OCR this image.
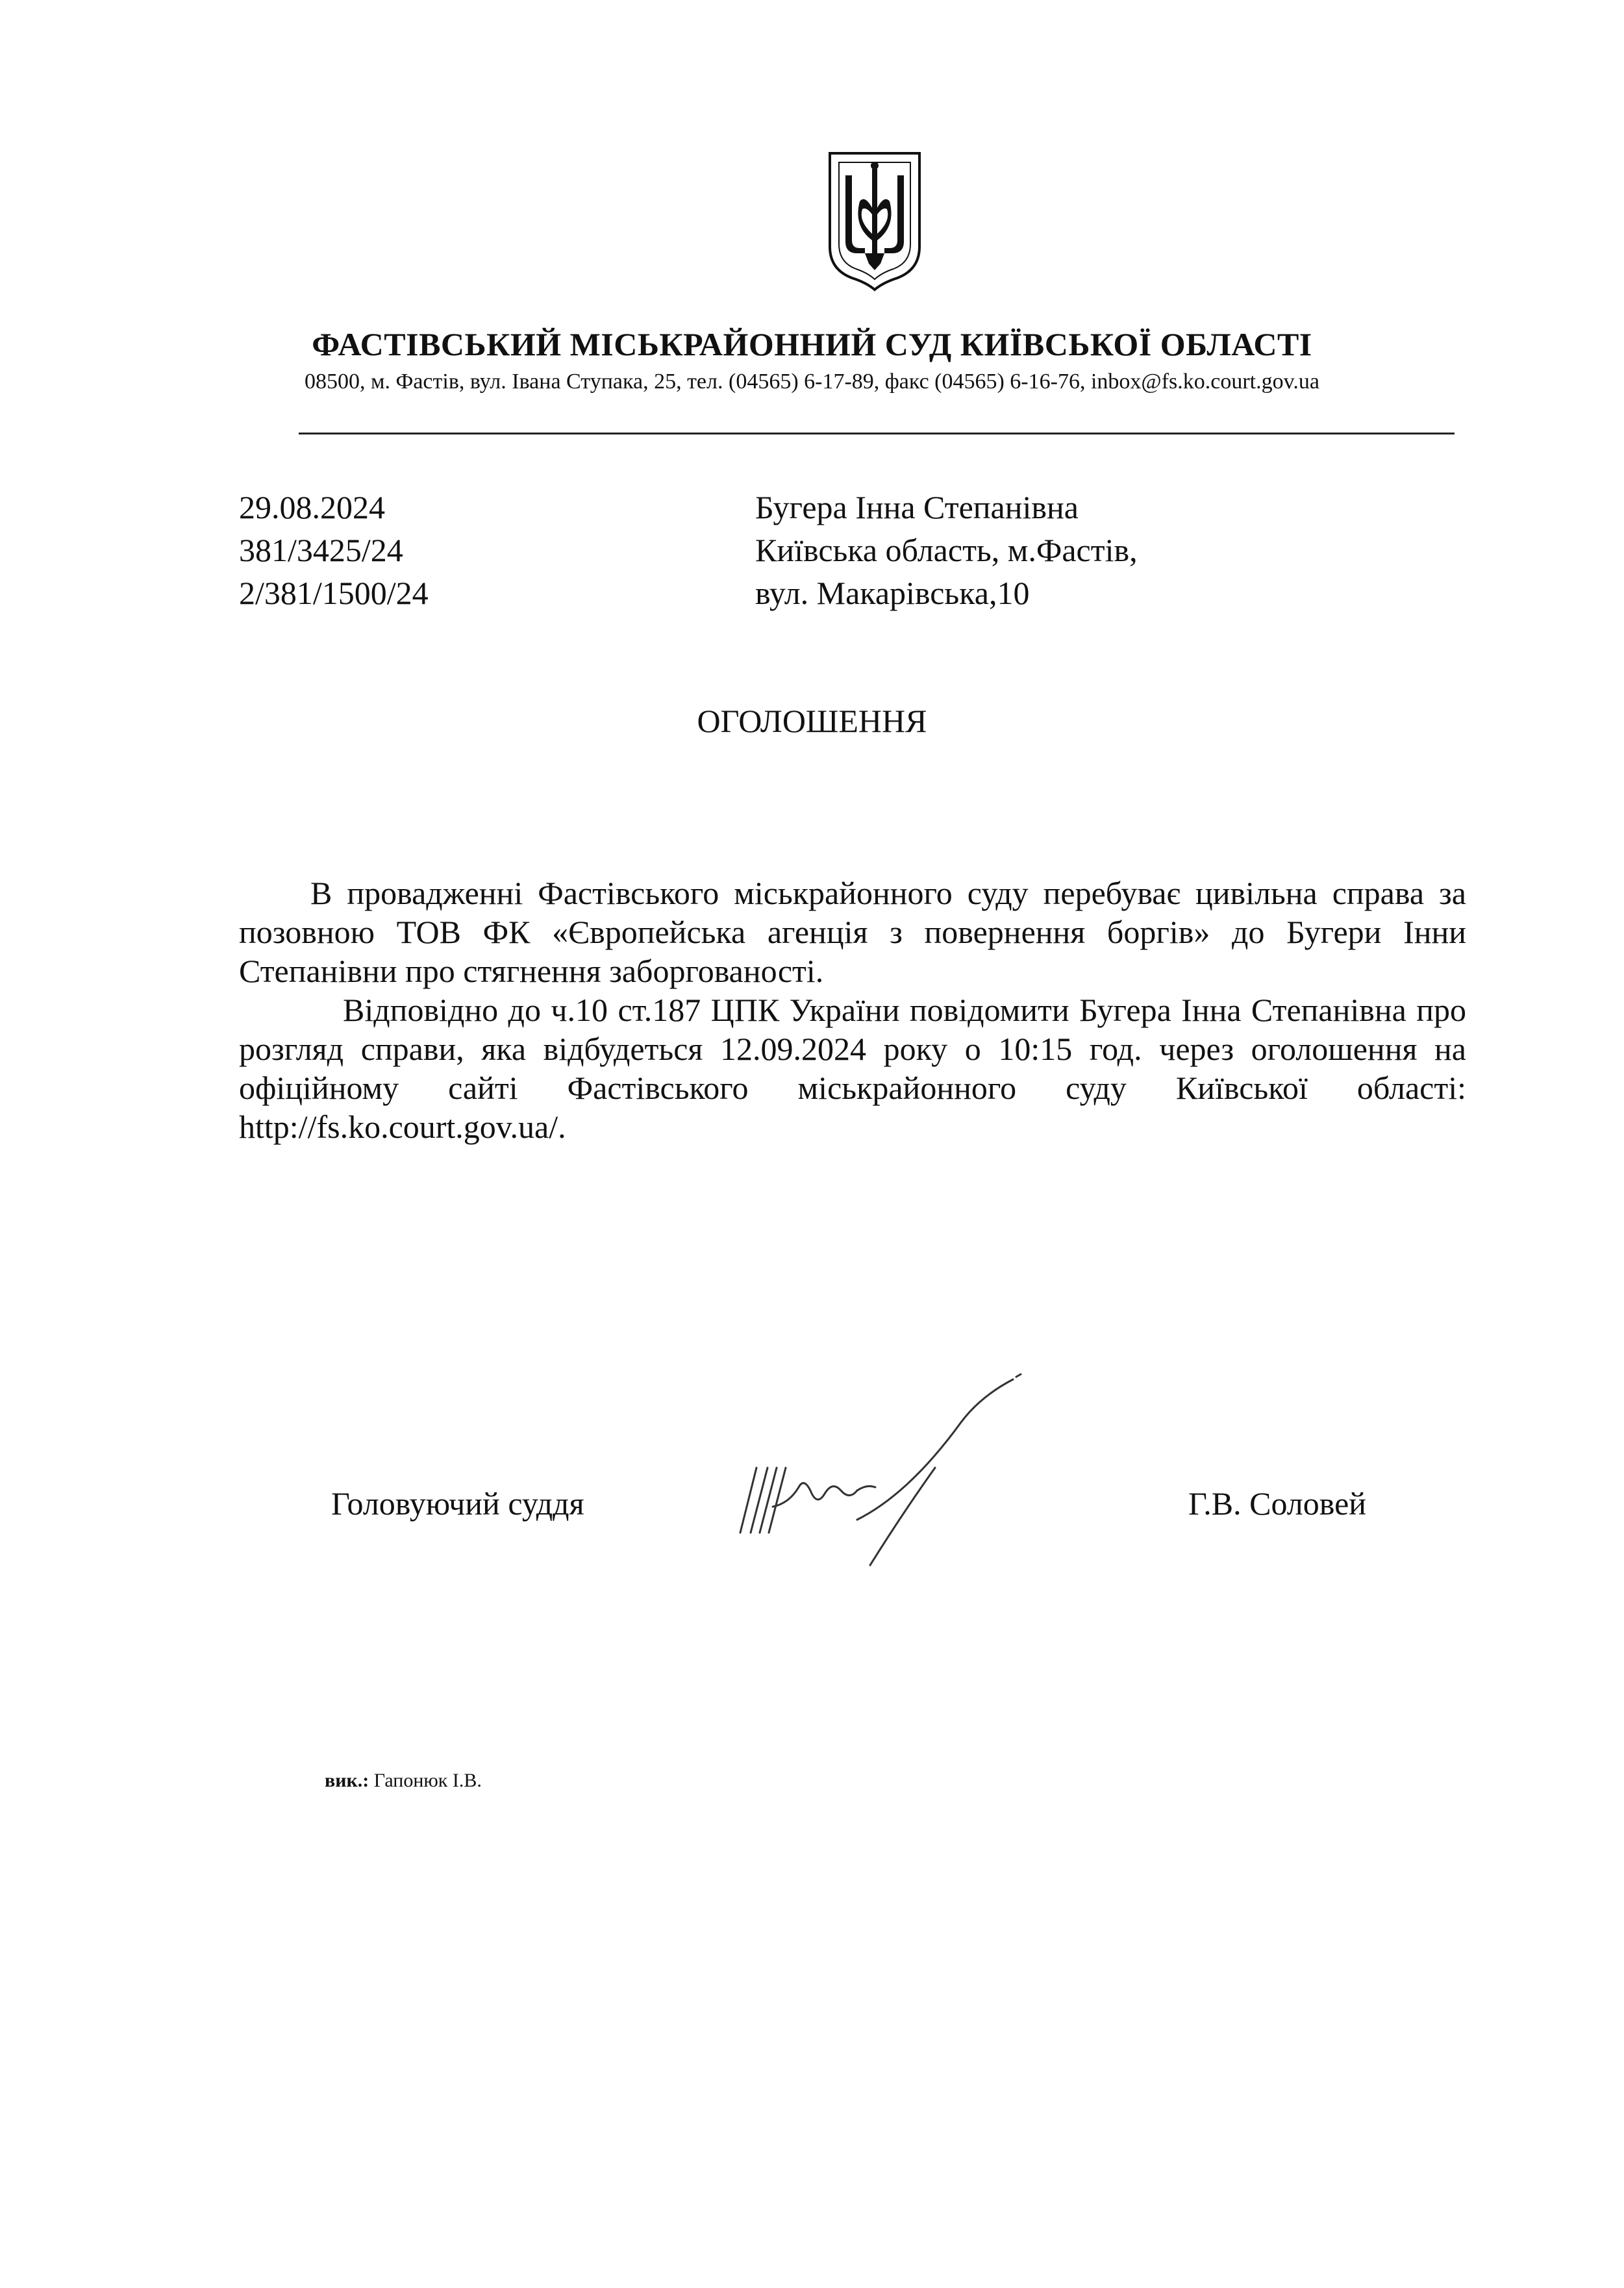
ФАСТІВСЬКИЙ МІСЬКРАЙОННИЙ СУД КИЇВСЬКОЇ ОБЛАСТІ
08500, м. Фастів, вул. Івана Ступака, 25, тел. (04565) 6-17-89, факс (04565) 6-16-76, inbox@fs.ko.court.gov.ua
29.08.2024
381/3425/24
2/381/1500/24
Бугера Інна Степанівна
Київська область, м.Фастів,
вул. Макарівська,10
ОГОЛОШЕННЯ

В провадженні Фастівського міськрайонного суду перебуває цивільна справа за позовною ТОВ ФК «Європейська агенція з повернення боргів» до Бугери Інни Степанівни про стягнення заборгованості.

Відповідно до ч.10 ст.187 ЦПК України повідомити Бугера Інна Степанівна про розгляд справи, яка відбудеться 12.09.2024 року о 10:15 год. через оголошення на офіційному сайті Фастівського міськрайонного суду Київської області: http://fs.ko.court.gov.ua/.

Головуючий суддя	Г.В. Соловей
вик.: Гапонюк І.В.
